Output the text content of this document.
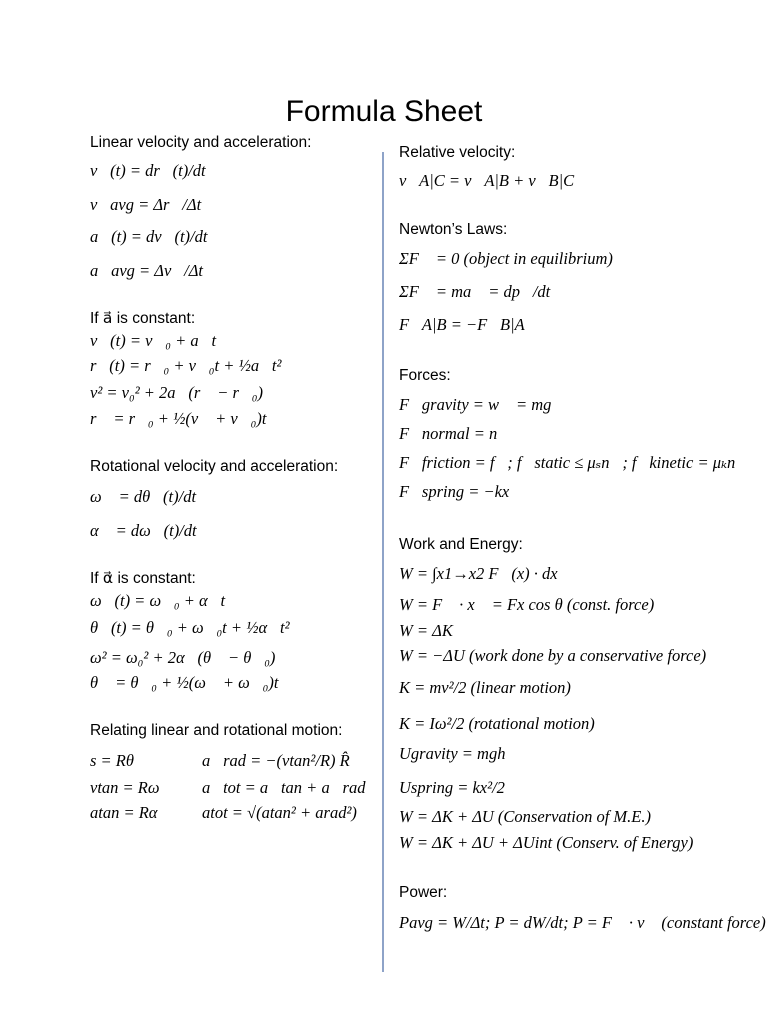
Formula Sheet
Linear velocity and acceleration:
v⃗(t) = dr⃗(t)/dt
v⃗avg = Δr⃗/Δt
a⃗(t) = dv⃗(t)/dt
a⃗avg = Δv⃗/Δt
If a⃗ is constant:
v⃗(t) = v⃗₀ + a⃗t
r⃗(t) = r⃗₀ + v⃗₀t + ½a⃗t²
v² = v₀² + 2a⃗(r⃗ − r⃗₀)
r⃗ = r⃗₀ + ½(v⃗ + v⃗₀)t
Rotational velocity and acceleration:
ω⃗ = dθ⃗(t)/dt
α⃗ = dω⃗(t)/dt
If α⃗ is constant:
ω⃗(t) = ω⃗₀ + α⃗t
θ⃗(t) = θ⃗₀ + ω⃗₀t + ½α⃗t²
ω² = ω₀² + 2α⃗(θ⃗ − θ⃗₀)
θ⃗ = θ⃗₀ + ½(ω⃗ + ω⃗₀)t
Relating linear and rotational motion:
s = Rθ
vtan = Rω
atan = Rα
a⃗rad = −(vtan²/R) R̂
a⃗tot = a⃗tan + a⃗rad
atot = √(atan² + arad²)
Relative velocity:
v⃗A|C = v⃗A|B + v⃗B|C
Newton’s Laws:
ΣF⃗ = 0 (object in equilibrium)
ΣF⃗ = ma⃗ = dp⃗/dt
F⃗A|B = −F⃗B|A
Forces:
F⃗gravity = w⃗ = mg⃗
F⃗normal = n⃗
F⃗friction = f⃗; f⃗static ≤ μₛn⃗; f⃗kinetic = μₖn⃗
F⃗spring = −kx⃗
Work and Energy:
W = ∫x1→x2 F⃗(x) · dx⃗
W = F⃗ · x⃗ = Fx cos θ (const. force)
W = ΔK
W = −ΔU (work done by a conservative force)
K = mv²/2 (linear motion)
K = Iω²/2 (rotational motion)
Ugravity = mgh
Uspring = kx²/2
W = ΔK + ΔU (Conservation of M.E.)
W = ΔK + ΔU + ΔUint (Conserv. of Energy)
Power:
Pavg = W/Δt; P = dW/dt; P = F⃗ · v⃗ (constant force)
